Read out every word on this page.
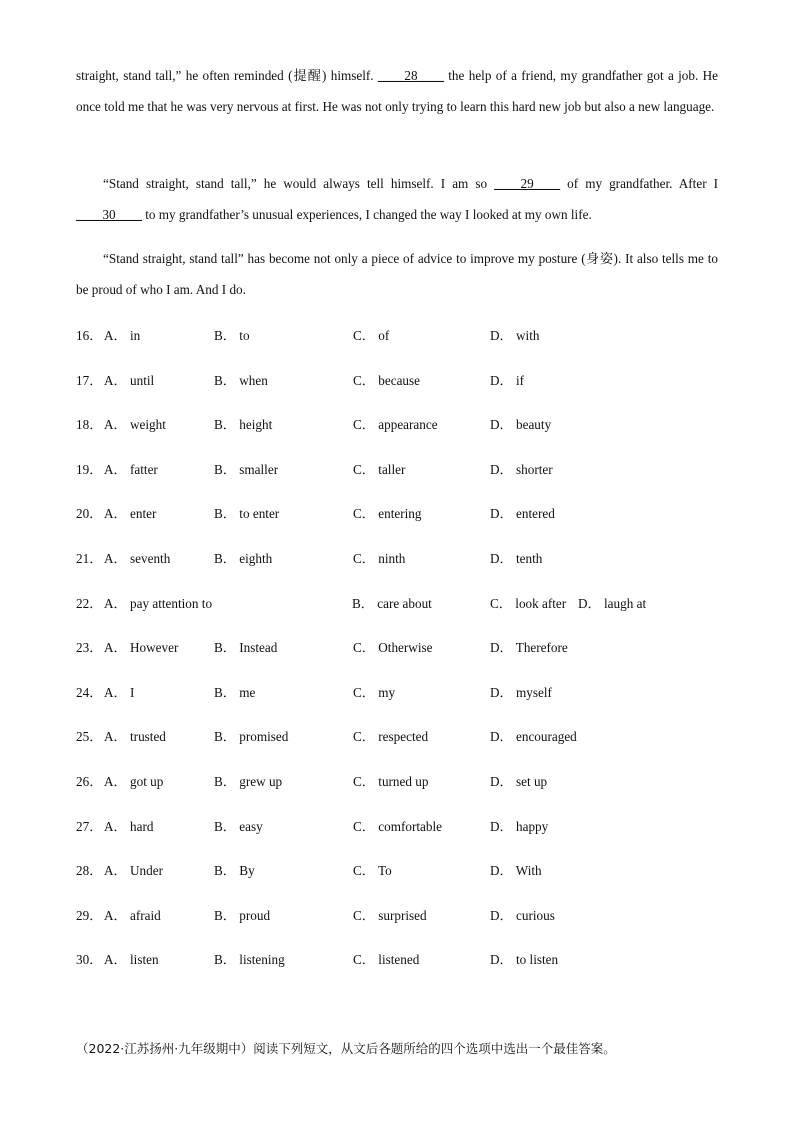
straight, stand tall,” he often reminded (提醒) himself. ____28____ the help of a friend, my grandfather got a job. He once told me that he was very nervous at first. He was not only trying to learn this hard new job but also a new language.

“Stand straight, stand tall,” he would always tell himself. I am so ____29____ of my grandfather. After I ____30____ to my grandfather’s unusual experiences, I changed the way I looked at my own life.

“Stand straight, stand tall” has become not only a piece of advice to improve my posture (身姿). It also tells me to be proud of who I am. And I do.

16． A． in	B． to	C． of	D． with
17． A． until	B． when	C． because	D． if
18． A． weight	B． height	C． appearance	D． beauty
19． A． fatter	B． smaller	C． taller	D． shorter
20． A． enter	B． to enter	C． entering	D． entered
21． A． seventh	B． eighth	C． ninth	D． tenth
22． A． pay attention to	B． care about	C． look after D． laugh at
23． A． However	B． Instead	C． Otherwise	D． Therefore
24． A． I	B． me	C． my	D． myself
25． A． trusted	B． promised	C． respected	D． encouraged
26． A． got up	B． grew up	C． turned up	D． set up
27． A． hard	B． easy	C． comfortable	D． happy
28． A． Under	B． By	C． To	D． With
29． A． afraid	B． proud	C． surprised	D． curious
30． A． listen	B． listening	C． listened	D． to listen
（2022·江苏扬州·九年级期中）阅读下列短文，从文后各题所给的四个选项中选出一个最佳答案。
